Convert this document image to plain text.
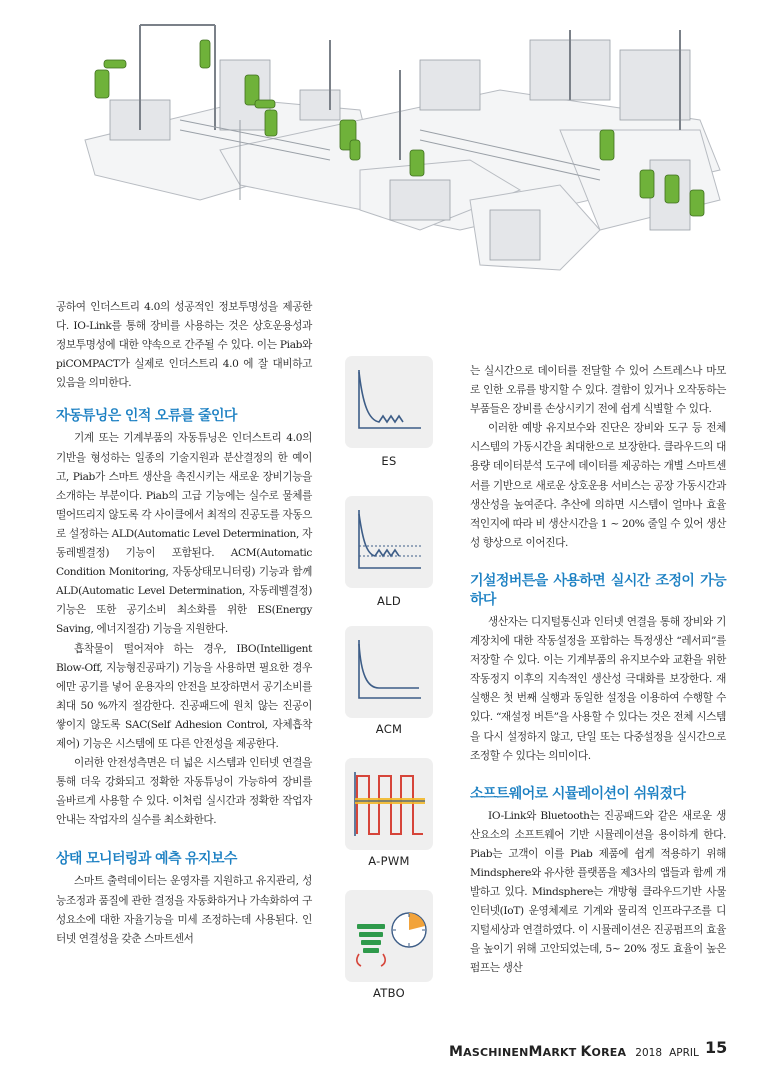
공하여 인더스트리 4.0의 성공적인 정보투명성을 제공한다. IO-Link를 통해 장비를 사용하는 것은 상호운용성과 정보투명성에 대한 약속으로 간주될 수 있다. 이는 Piab와 piCOMPACT가 실제로 인더스트리 4.0 에 잘 대비하고 있음을 의미한다.

자동튜닝은 인적 오류를 줄인다

기계 또는 기계부품의 자동튜닝은 인더스트리 4.0의 기반을 형성하는 일종의 기술지원과 분산결정의 한 예이고, Piab가 스마트 생산을 촉진시키는 새로운 장비기능을 소개하는 부분이다. Piab의 고급 기능에는 실수로 물체를 떨어뜨리지 않도록 각 사이클에서 최적의 진공도를 자동으로 설정하는 ALD(Automatic Level Determination, 자동레벨결정) 기능이 포함된다. ACM(Automatic Condition Monitoring, 자동상태모니터링) 기능과 함께 ALD(Automatic Level Determination, 자동레벨결정) 기능은 또한 공기소비 최소화를 위한 ES(Energy Saving, 에너지절감) 기능을 지원한다.

흡착물이 떨어져야 하는 경우, IBO(Intelligent Blow-Off, 지능형진공파기) 기능을 사용하면 필요한 경우에만 공기를 넣어 운용자의 안전을 보장하면서 공기소비를 최대 50 %까지 절감한다. 진공패드에 원치 않는 진공이 쌓이지 않도록 SAC(Self Adhesion Control, 자체흡착제어) 기능은 시스템에 또 다른 안전성을 제공한다.

이러한 안전성측면은 더 넓은 시스템과 인터넷 연결을 통해 더욱 강화되고 정확한 자동튜닝이 가능하여 장비를 올바르게 사용할 수 있다. 이처럼 실시간과 정확한 작업자 안내는 작업자의 실수를 최소화한다.

상태 모니터링과 예측 유지보수

스마트 출력데이터는 운영자를 지원하고 유지관리, 성능조정과 품질에 관한 결정을 자동화하거나 가속화하여 구성요소에 대한 자율기능을 미세 조정하는데 사용된다. 인터넷 연결성을 갖춘 스마트센서

ES
ALD
ACM
A-PWM
ATBO

는 실시간으로 데이터를 전달할 수 있어 스트레스나 마모로 인한 오류를 방지할 수 있다. 결함이 있거나 오작동하는 부품들은 장비를 손상시키기 전에 쉽게 식별할 수 있다.

이러한 예방 유지보수와 진단은 장비와 도구 등 전체시스템의 가동시간을 최대한으로 보장한다. 클라우드의 대용량 데이터분석 도구에 데이터를 제공하는 개별 스마트센서를 기반으로 새로운 상호운용 서비스는 공장 가동시간과 생산성을 높여준다. 추산에 의하면 시스템이 얼마나 효율적인지에 따라 비 생산시간을 1 ~ 20% 줄일 수 있어 생산성 향상으로 이어진다.

기설정버튼을 사용하면 실시간 조정이 가능하다

생산자는 디지털통신과 인터넷 연결을 통해 장비와 기계장치에 대한 작동설정을 포함하는 특정생산 “레서피”를 저장할 수 있다. 이는 기계부품의 유지보수와 교환을 위한 작동정지 이후의 지속적인 생산성 극대화를 보장한다. 재실행은 첫 번째 실행과 동일한 설정을 이용하여 수행할 수 있다. “재설정 버튼”을 사용할 수 있다는 것은 전체 시스템을 다시 설정하지 않고, 단일 또는 다중설정을 실시간으로 조정할 수 있다는 의미이다.

소프트웨어로 시뮬레이션이 쉬워졌다

IO-Link와 Bluetooth는 진공패드와 같은 새로운 생산요소의 소프트웨어 기반 시뮬레이션을 용이하게 한다. Piab는 고객이 이를 Piab 제품에 쉽게 적용하기 위해 Mindsphere와 유사한 플랫폼을 제3사의 앱들과 함께 개발하고 있다. Mindsphere는 개방형 클라우드기반 사물인터넷(IoT) 운영체제로 기계와 물리적 인프라구조를 디지털세상과 연결하였다. 이 시뮬레이션은 진공펌프의 효율을 높이기 위해 고안되었는데, 5~ 20% 정도 효율이 높은 펌프는 생산

MASCHINENMARKT KOREA 2018 APRIL 15
